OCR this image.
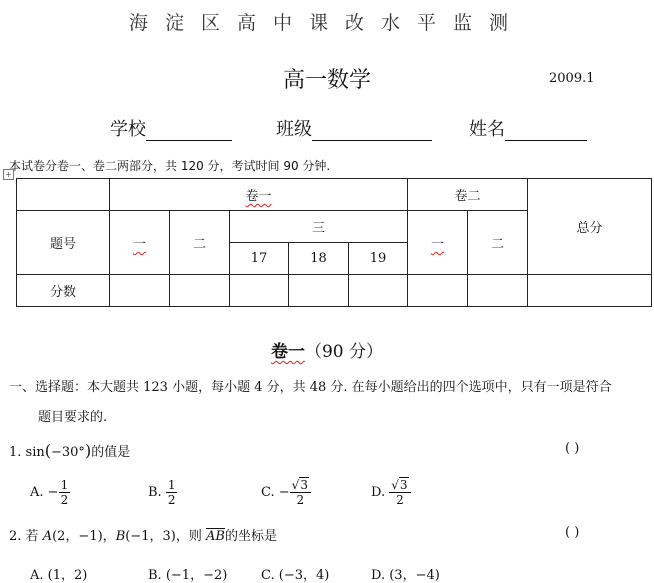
海淀区高中课改水平监测
高一数学	2009.1
学校	班级	姓名
本试卷分卷一、卷二两部分，共 120 分，考试时间 90 分钟.
+
	卷一					卷二		总分
题号	一	二	三			一	二	
			17	18	19			
分数								
卷一（90 分）
一、选择题：本大题共 123 小题，每小题 4 分，共 48 分. 在每小题给出的四个选项中，只有一项是符合
题目要求的.
1. sin(−30°)的值是	( )
A. − $\frac{1}{2}$	B. $\frac{1}{2}$	C. − $\frac{√3}{2}$	D. $\frac{√3}{2}$
2. 若 A(2，−1)，B(−1，3)，则 AB的坐标是	( )
A. (1，2)	B. (−1，−2)	C. (−3，4)	D. (3，−4)
